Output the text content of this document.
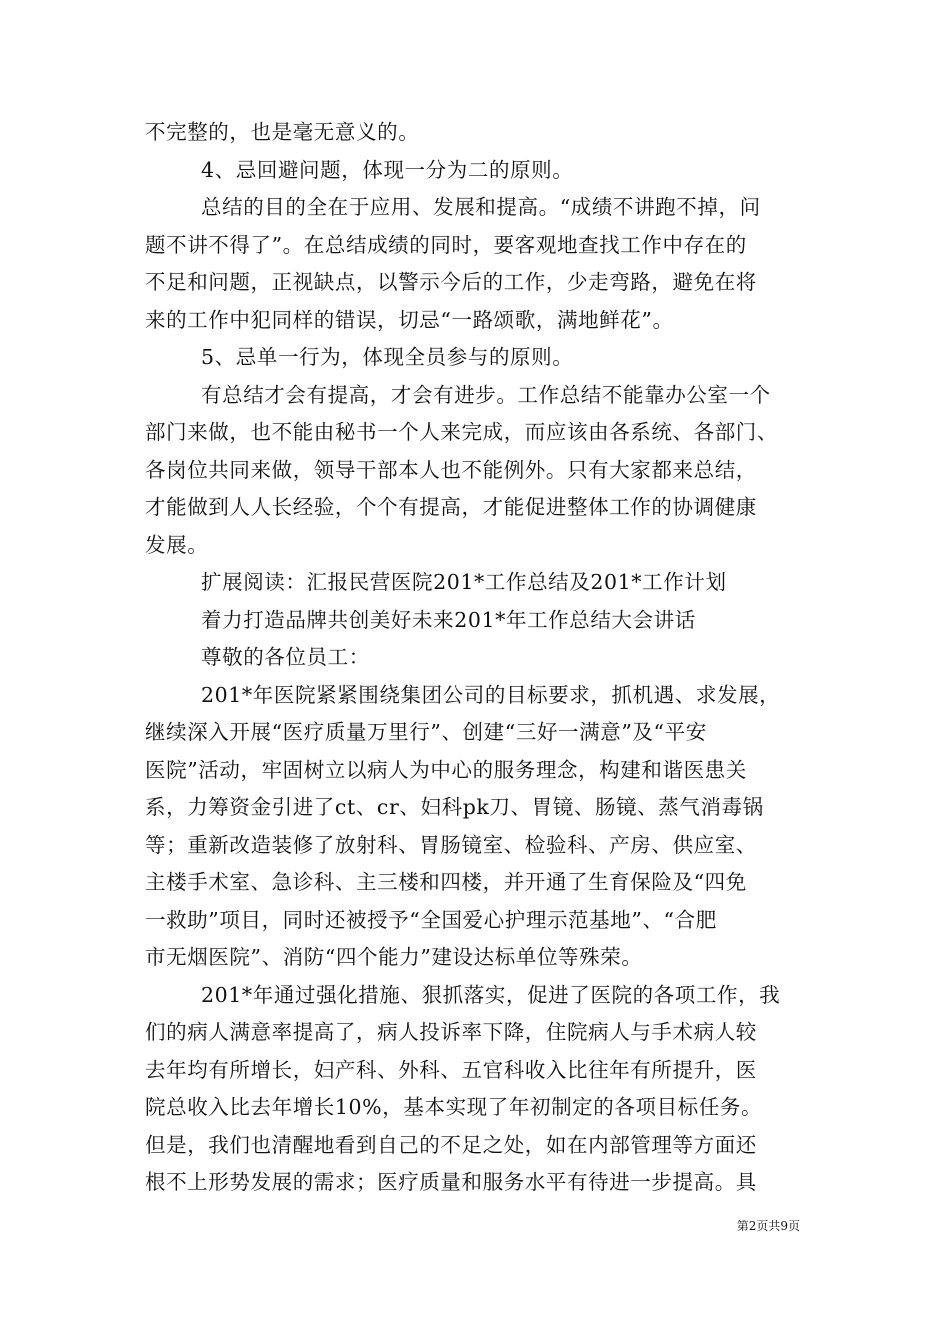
不完整的，也是毫无意义的。
4、忌回避问题，体现一分为二的原则。
总结的目的全在于应用、发展和提高。“成绩不讲跑不掉，问
题不讲不得了”。在总结成绩的同时，要客观地查找工作中存在的
不足和问题，正视缺点，以警示今后的工作，少走弯路，避免在将
来的工作中犯同样的错误，切忌“一路颂歌，满地鲜花”。
5、忌单一行为，体现全员参与的原则。
有总结才会有提高，才会有进步。工作总结不能靠办公室一个
部门来做，也不能由秘书一个人来完成，而应该由各系统、各部门、
各岗位共同来做，领导干部本人也不能例外。只有大家都来总结，
才能做到人人长经验，个个有提高，才能促进整体工作的协调健康
发展。
扩展阅读：汇报民营医院201*工作总结及201*工作计划
着力打造品牌共创美好未来201*年工作总结大会讲话
尊敬的各位员工：
201*年医院紧紧围绕集团公司的目标要求，抓机遇、求发展，
继续深入开展“医疗质量万里行”、创建“三好一满意”及“平安
医院”活动，牢固树立以病人为中心的服务理念，构建和谐医患关
系，力筹资金引进了ct、cr、妇科pk刀、胃镜、肠镜、蒸气消毒锅
等；重新改造装修了放射科、胃肠镜室、检验科、产房、供应室、
主楼手术室、急诊科、主三楼和四楼，并开通了生育保险及“四免
一救助”项目，同时还被授予“全国爱心护理示范基地”、“合肥
市无烟医院”、消防“四个能力”建设达标单位等殊荣。
201*年通过强化措施、狠抓落实，促进了医院的各项工作，我
们的病人满意率提高了，病人投诉率下降，住院病人与手术病人较
去年均有所增长，妇产科、外科、五官科收入比往年有所提升，医
院总收入比去年增长10%，基本实现了年初制定的各项目标任务。
但是，我们也清醒地看到自己的不足之处，如在内部管理等方面还
根不上形势发展的需求；医疗质量和服务水平有待进一步提高。具
第2页共9页
